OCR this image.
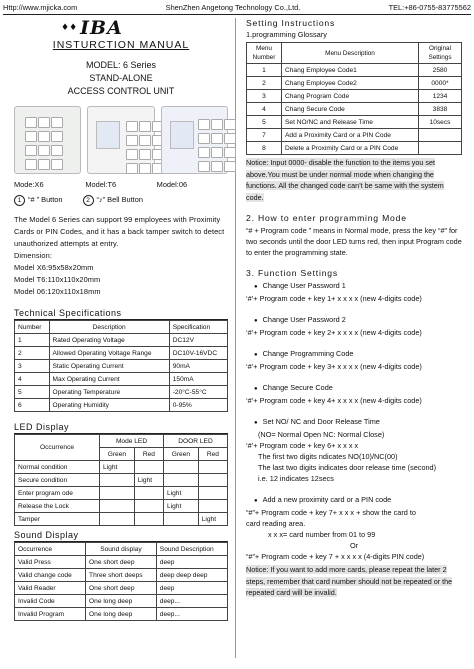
Http://www.mjicka.com	ShenZhen Angetong Technology Co.,Ltd.	TEL:+86-0755-83775562
♦♦ IBA
INSTURCTION MANUAL
MODEL: 6 Series
STAND-ALONE
ACCESS CONTROL UNIT
Mode:X6	Model:T6	Model:06
1 “# ” Button	2 “♪” Bell Button
The Model 6 Series can support 99 employees with Proximity Cards or PIN Codes, and it has a back tamper switch to detect unauthorized attempts at entry.
Dimension:
Model X6:95x58x20mm
Model T6:110x110x20mm
Model 06:120x110x18mm
Technical Specifications
Number	Description	Specification
1	Rated Operating Voltage	DC12V
2	Allowed Operating Voltage Range	DC10V-16VDC
3	Static Operating Current	90mA
4	Max Operating Current	150mA
5	Operating Temperature	-20°C-55°C
6	Operating Humidity	0-95%
LED Display
Occurrence	Mode LED		DOOR LED	
	Green	Red	Green	Red
Normal condition	Light			
Secure condition		Light		
Enter program ode			Light	
Release the Lock			Light	
Tamper				Light
Sound Display
Occurrence	Sound display	Sound Description
Valid Press	One short deep	deep
Valid change code	Three short deeps	deep deep deep
Valid Reader	One short deep	deep
Invalid Code	One long deep	deep...
Invalid Program	One long deep	deep...
Setting Instructions
1.programming Glossary
Menu Number	Menu Description	Original Settings
1	Chang Employee Code1	2580
2	Chang Employee Code2	0000*
3	Chang Program Code	1234
4	Chang Secure Code	3838
5	Set NO/NC and Release Time	10secs
7	Add a Proximity Card or a PIN Code	
8	Delete a Proximity Card or a PIN Code	
Notice: Input 0000- disable the function to the items you set above.You must be under normal mode when changing the functions. All the changed code can’t be same with the system code.
2. How to enter programming Mode
“# + Program code ” means in Normal mode, press the key “#” for two seconds until the door LED turns red, then input Program code to enter the programming state.
3. Function Settings
● Change User Password 1
‘#’+ Program code + key 1+ x x x x (new 4-digits code)
● Change User Password 2
‘#’+ Program code + key 2+ x x x x (new 4-digits code)
● Change Programming Code
‘#’+ Program code + key 3+ x x x x (new 4-digits code)
● Change Secure Code
‘#’+ Program code + key 4+ x x x x (new 4-digits code)
● Set NO/ NC and Door Release Time
(NO= Normal Open NC: Normal Close)
‘#’+ Program code + key 6+ x x x x
The first two digits ndicates NO(10)/NC(00)
The last two digits indicates door release time (second)
i.e. 12 indicates 12secs
● Add a new proximity card or a PIN code
“#”+ Program code + key 7+ x x x + show the card to
card reading area.
x x x= card number from 01 to 99
Or
“#”+ Program code + key 7 + x x x x (4-digits PIN code)
Notice: If you want to add more cards, please repeat the later 2 steps, remember that card number should not be repeated or the repeated card will be invalid.
